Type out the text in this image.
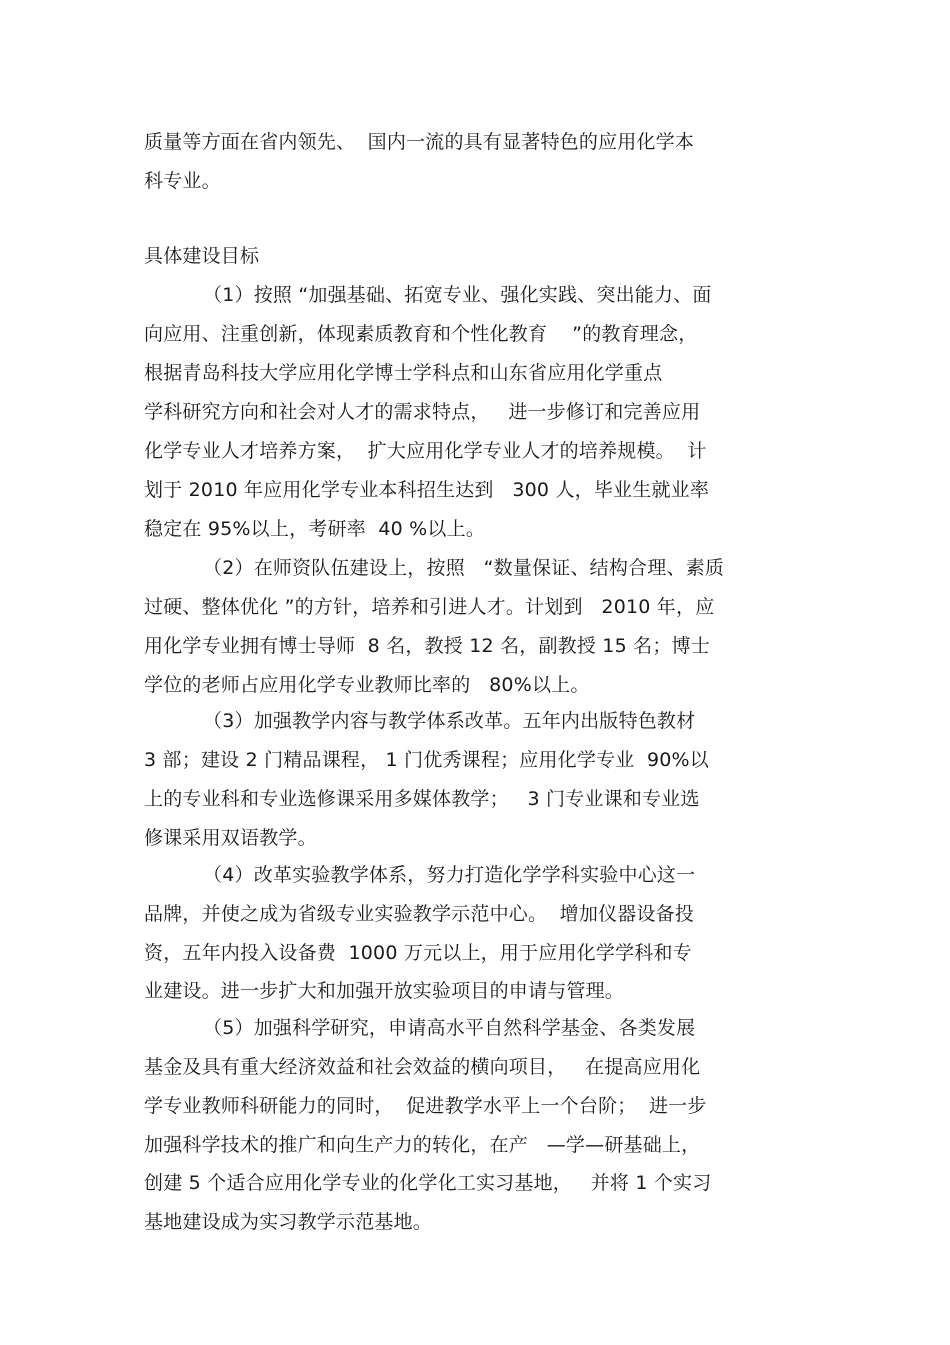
质量等方面在省内领先、  国内一流的具有显著特色的应用化学本
科专业。
具体建设目标
（1）按照 “加强基础、拓宽专业、强化实践、突出能力、面
向应用、注重创新，体现素质教育和个性化教育    ”的教育理念，
根据青岛科技大学应用化学博士学科点和山东省应用化学重点
学科研究方向和社会对人才的需求特点，   进一步修订和完善应用
化学专业人才培养方案，  扩大应用化学专业人才的培养规模。  计
划于 2010 年应用化学专业本科招生达到   300 人，毕业生就业率
稳定在 95%以上，考研率  40 %以上。
（2）在师资队伍建设上，按照   “数量保证、结构合理、素质
过硬、整体优化 ”的方针，培养和引进人才。计划到   2010 年，应
用化学专业拥有博士导师  8 名，教授 12 名，副教授 15 名；博士
学位的老师占应用化学专业教师比率的   80%以上。
（3）加强教学内容与教学体系改革。五年内出版特色教材
3 部；建设 2 门精品课程， 1 门优秀课程；应用化学专业  90%以
上的专业科和专业选修课采用多媒体教学；   3 门专业课和专业选
修课采用双语教学。
（4）改革实验教学体系，努力打造化学学科实验中心这一
品牌，并使之成为省级专业实验教学示范中心。  增加仪器设备投
资，五年内投入设备费  1000 万元以上，用于应用化学学科和专
业建设。进一步扩大和加强开放实验项目的申请与管理。
（5）加强科学研究，申请高水平自然科学基金、各类发展
基金及具有重大经济效益和社会效益的横向项目，   在提高应用化
学专业教师科研能力的同时，  促进教学水平上一个台阶；  进一步
加强科学技术的推广和向生产力的转化，在产   —学—研基础上，
创建 5 个适合应用化学专业的化学化工实习基地，   并将 1 个实习
基地建设成为实习教学示范基地。
